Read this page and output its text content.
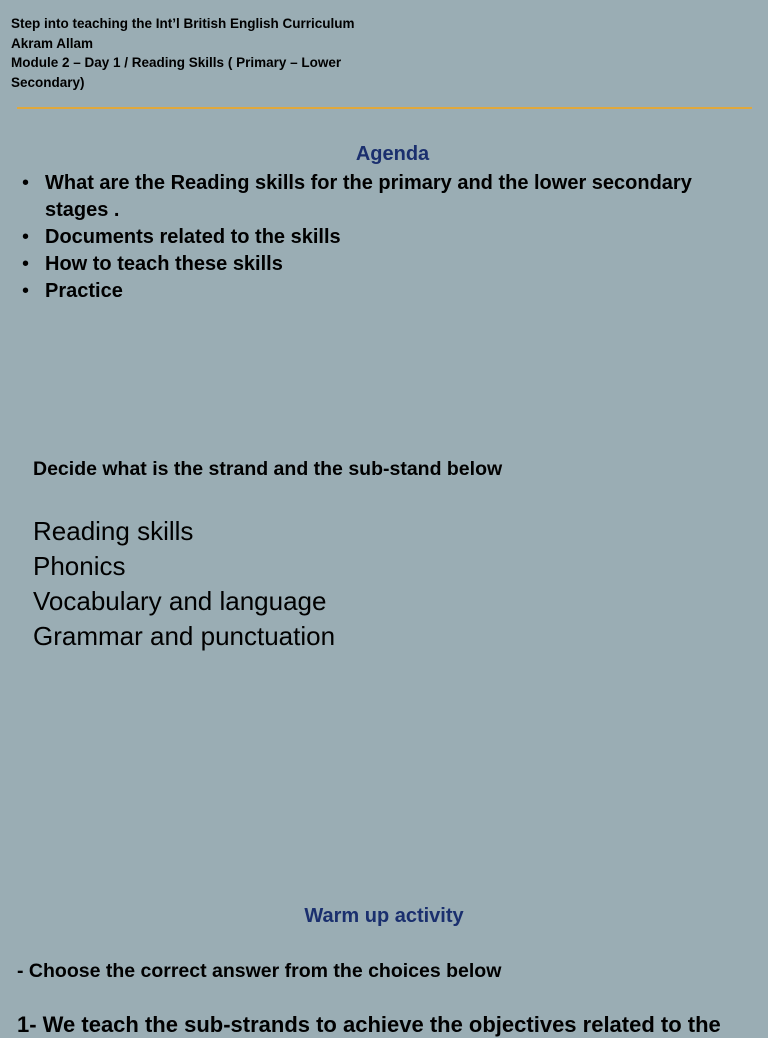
Step into teaching the Int’l British English Curriculum
Akram Allam
Module 2 – Day 1 / Reading Skills ( Primary – Lower
Secondary)
Agenda
• What are the Reading skills for the primary and the lower secondary stages .
• Documents related to the skills
• How to teach these skills
• Practice
Decide what is the strand and the sub-stand below
Reading skills
Phonics
Vocabulary and language
Grammar and punctuation
Warm up activity
- Choose the correct answer from the choices below
1- We teach the sub-strands to achieve the objectives related to the
